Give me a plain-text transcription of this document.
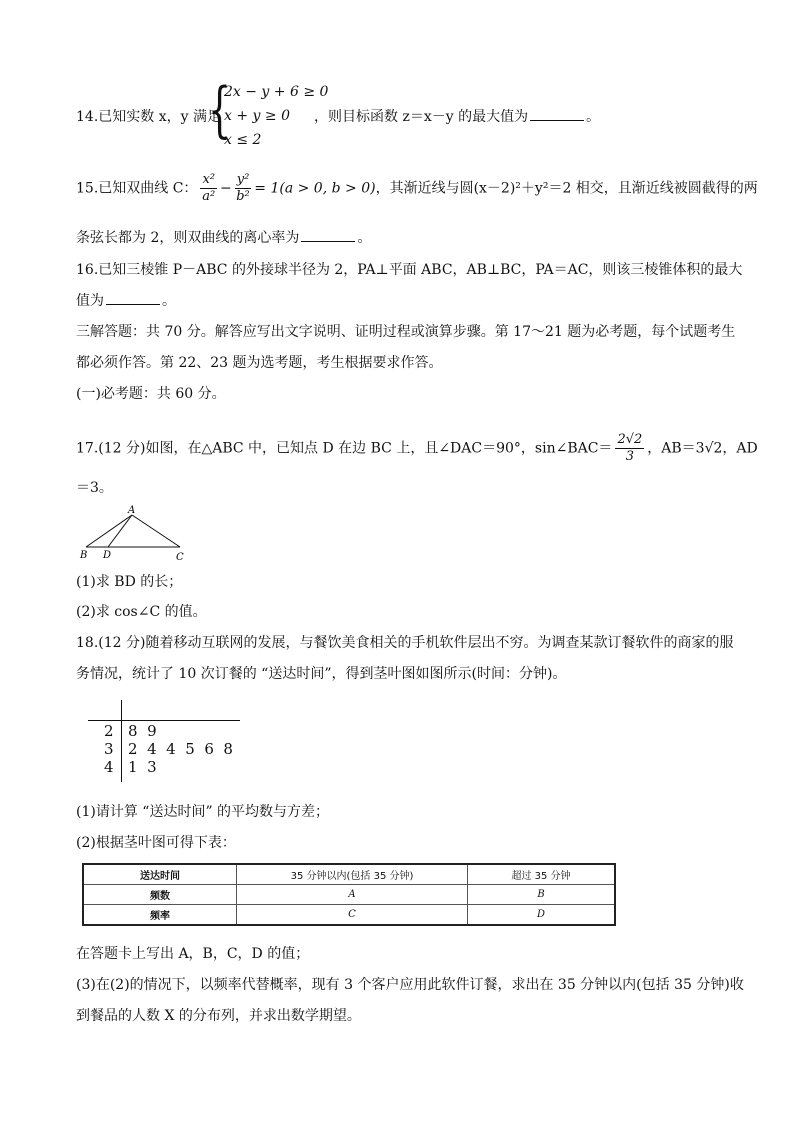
14.已知实数 x，y 满足
{
2x − y + 6 ≥ 0
x + y ≥ 0
x ≤ 2
，则目标函数 z＝x－y 的最大值为	。
15.已知双曲线 C： $\frac{\text{x²}}{\text{a²}} - \frac{\text{y²}}{\text{b²}} = 1(a > 0$, b > 0)，其渐近线与圆(x－2)²＋y²＝2 相交，且渐近线被圆截得的两
条弦长都为 2，则双曲线的离心率为	。
16.已知三棱锥 P－ABC 的外接球半径为 2，PA⊥平面 ABC，AB⊥BC，PA＝AC，则该三棱锥体积的最大
值为	。
三解答题：共 70 分。解答应写出文字说明、证明过程或演算步骤。第 17～21 题为必考题，每个试题考生
都必须作答。第 22、23 题为选考题，考生根据要求作答。
(一)必考题：共 60 分。
17.(12 分)如图，在△ABC 中，已知点 D 在边 BC 上，且∠DAC＝90°，sin∠BAC＝ $\frac{2√2}{3}$ ，AB＝3√2，AD
＝3。
A
B D	C
(1)求 BD 的长；
(2)求 cos∠C 的值。
18.(12 分)随着移动互联网的发展，与餐饮美食相关的手机软件层出不穷。为调查某款订餐软件的商家的服
务情况，统计了 10 次订餐的 “送达时间”，得到茎叶图如图所示(时间：分钟)。
2 8  9
3 2  4  4  5  6  8
4 1  3
(1)请计算 “送达时间” 的平均数与方差；
(2)根据茎叶图可得下表：
送达时间	35 分钟以内(包括 35 分钟)	超过 35 分钟
频数	A	B
频率	C	D
在答题卡上写出 A，B，C，D 的值；
(3)在(2)的情况下，以频率代替概率，现有 3 个客户应用此软件订餐，求出在 35 分钟以内(包括 35 分钟)收
到餐品的人数 X 的分布列，并求出数学期望。
